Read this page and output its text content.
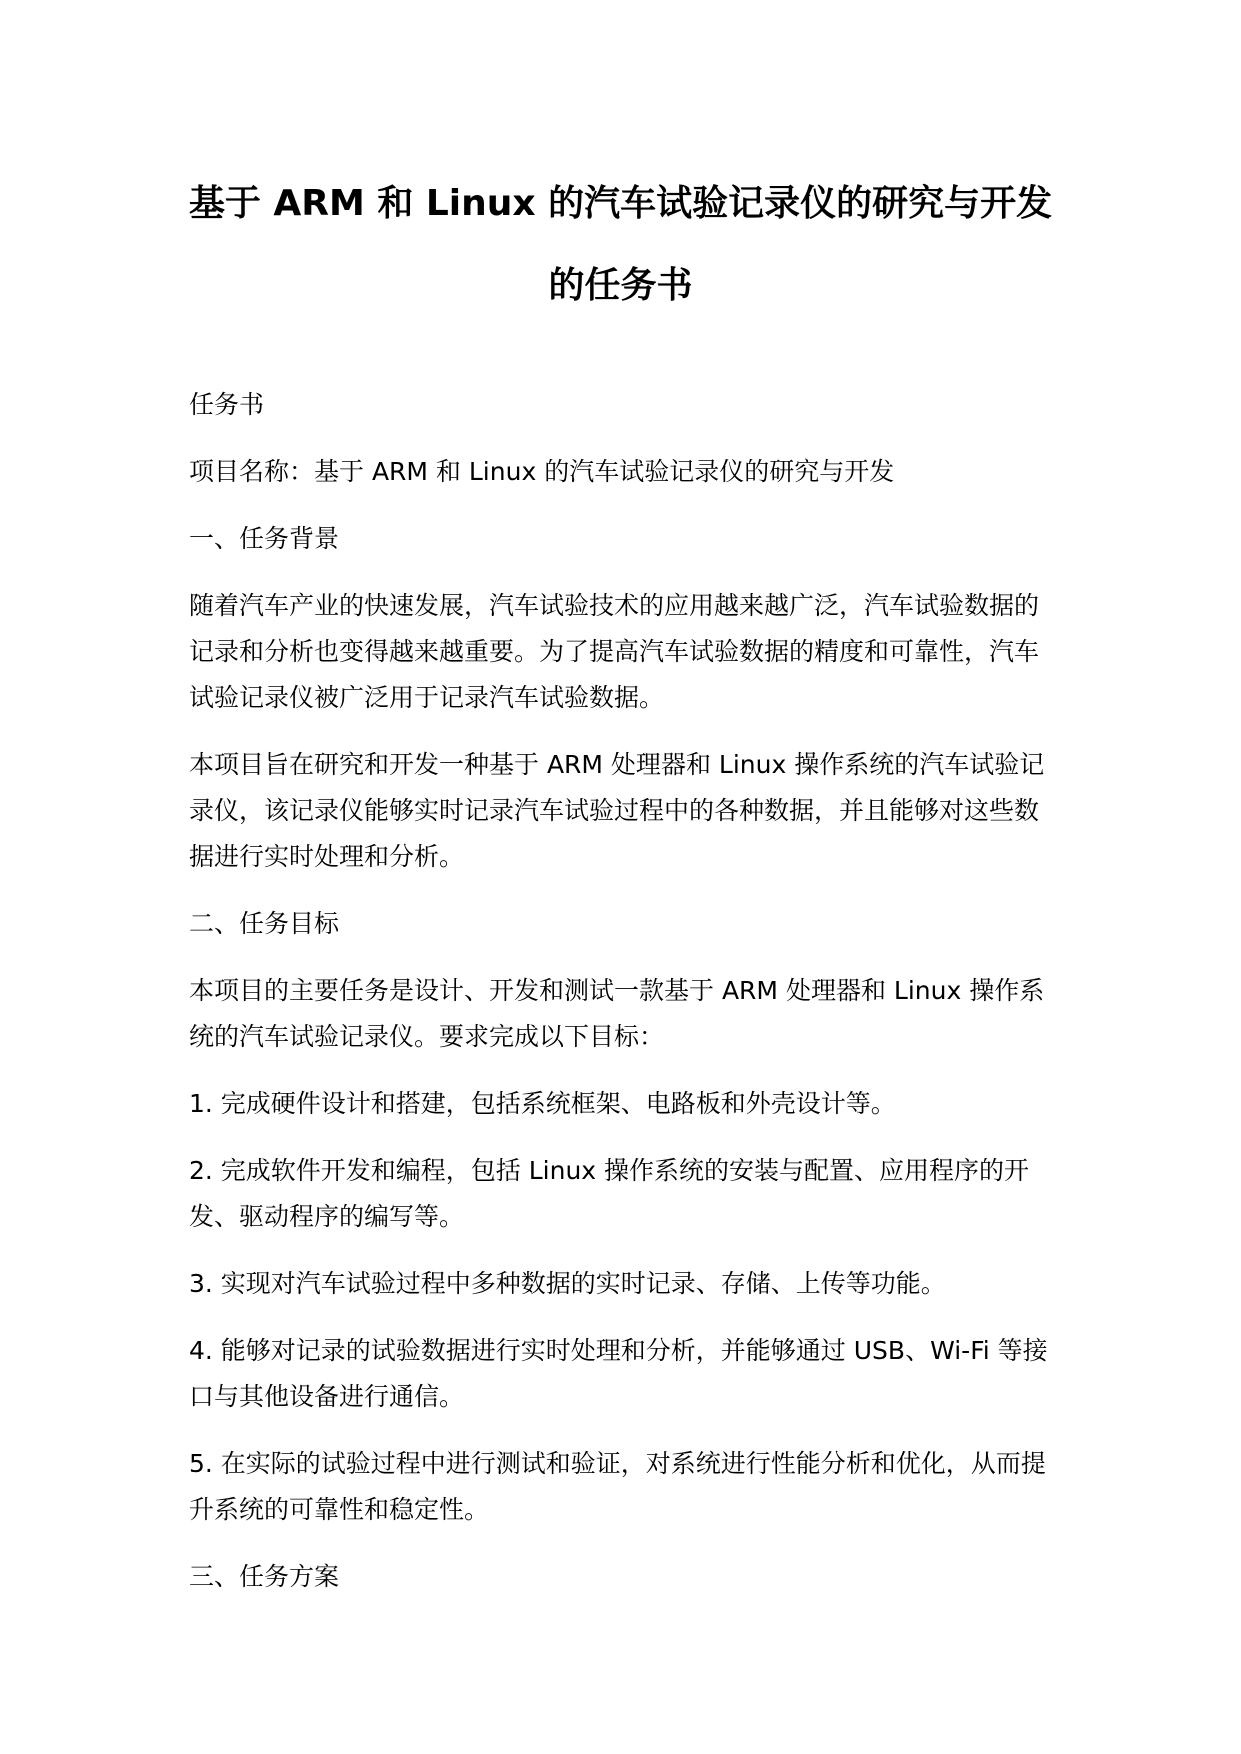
基于 ARM 和 Linux 的汽车试验记录仪的研究与开发
的任务书

任务书

项目名称：基于 ARM 和 Linux 的汽车试验记录仪的研究与开发

一、任务背景

随着汽车产业的快速发展，汽车试验技术的应用越来越广泛，汽车试验数据的记录和分析也变得越来越重要。为了提高汽车试验数据的精度和可靠性，汽车试验记录仪被广泛用于记录汽车试验数据。

本项目旨在研究和开发一种基于 ARM 处理器和 Linux 操作系统的汽车试验记录仪，该记录仪能够实时记录汽车试验过程中的各种数据，并且能够对这些数据进行实时处理和分析。

二、任务目标

本项目的主要任务是设计、开发和测试一款基于 ARM 处理器和 Linux 操作系统的汽车试验记录仪。要求完成以下目标：

1. 完成硬件设计和搭建，包括系统框架、电路板和外壳设计等。

2. 完成软件开发和编程，包括 Linux 操作系统的安装与配置、应用程序的开发、驱动程序的编写等。

3. 实现对汽车试验过程中多种数据的实时记录、存储、上传等功能。

4. 能够对记录的试验数据进行实时处理和分析，并能够通过 USB、Wi-Fi 等接口与其他设备进行通信。

5. 在实际的试验过程中进行测试和验证，对系统进行性能分析和优化，从而提升系统的可靠性和稳定性。

三、任务方案
